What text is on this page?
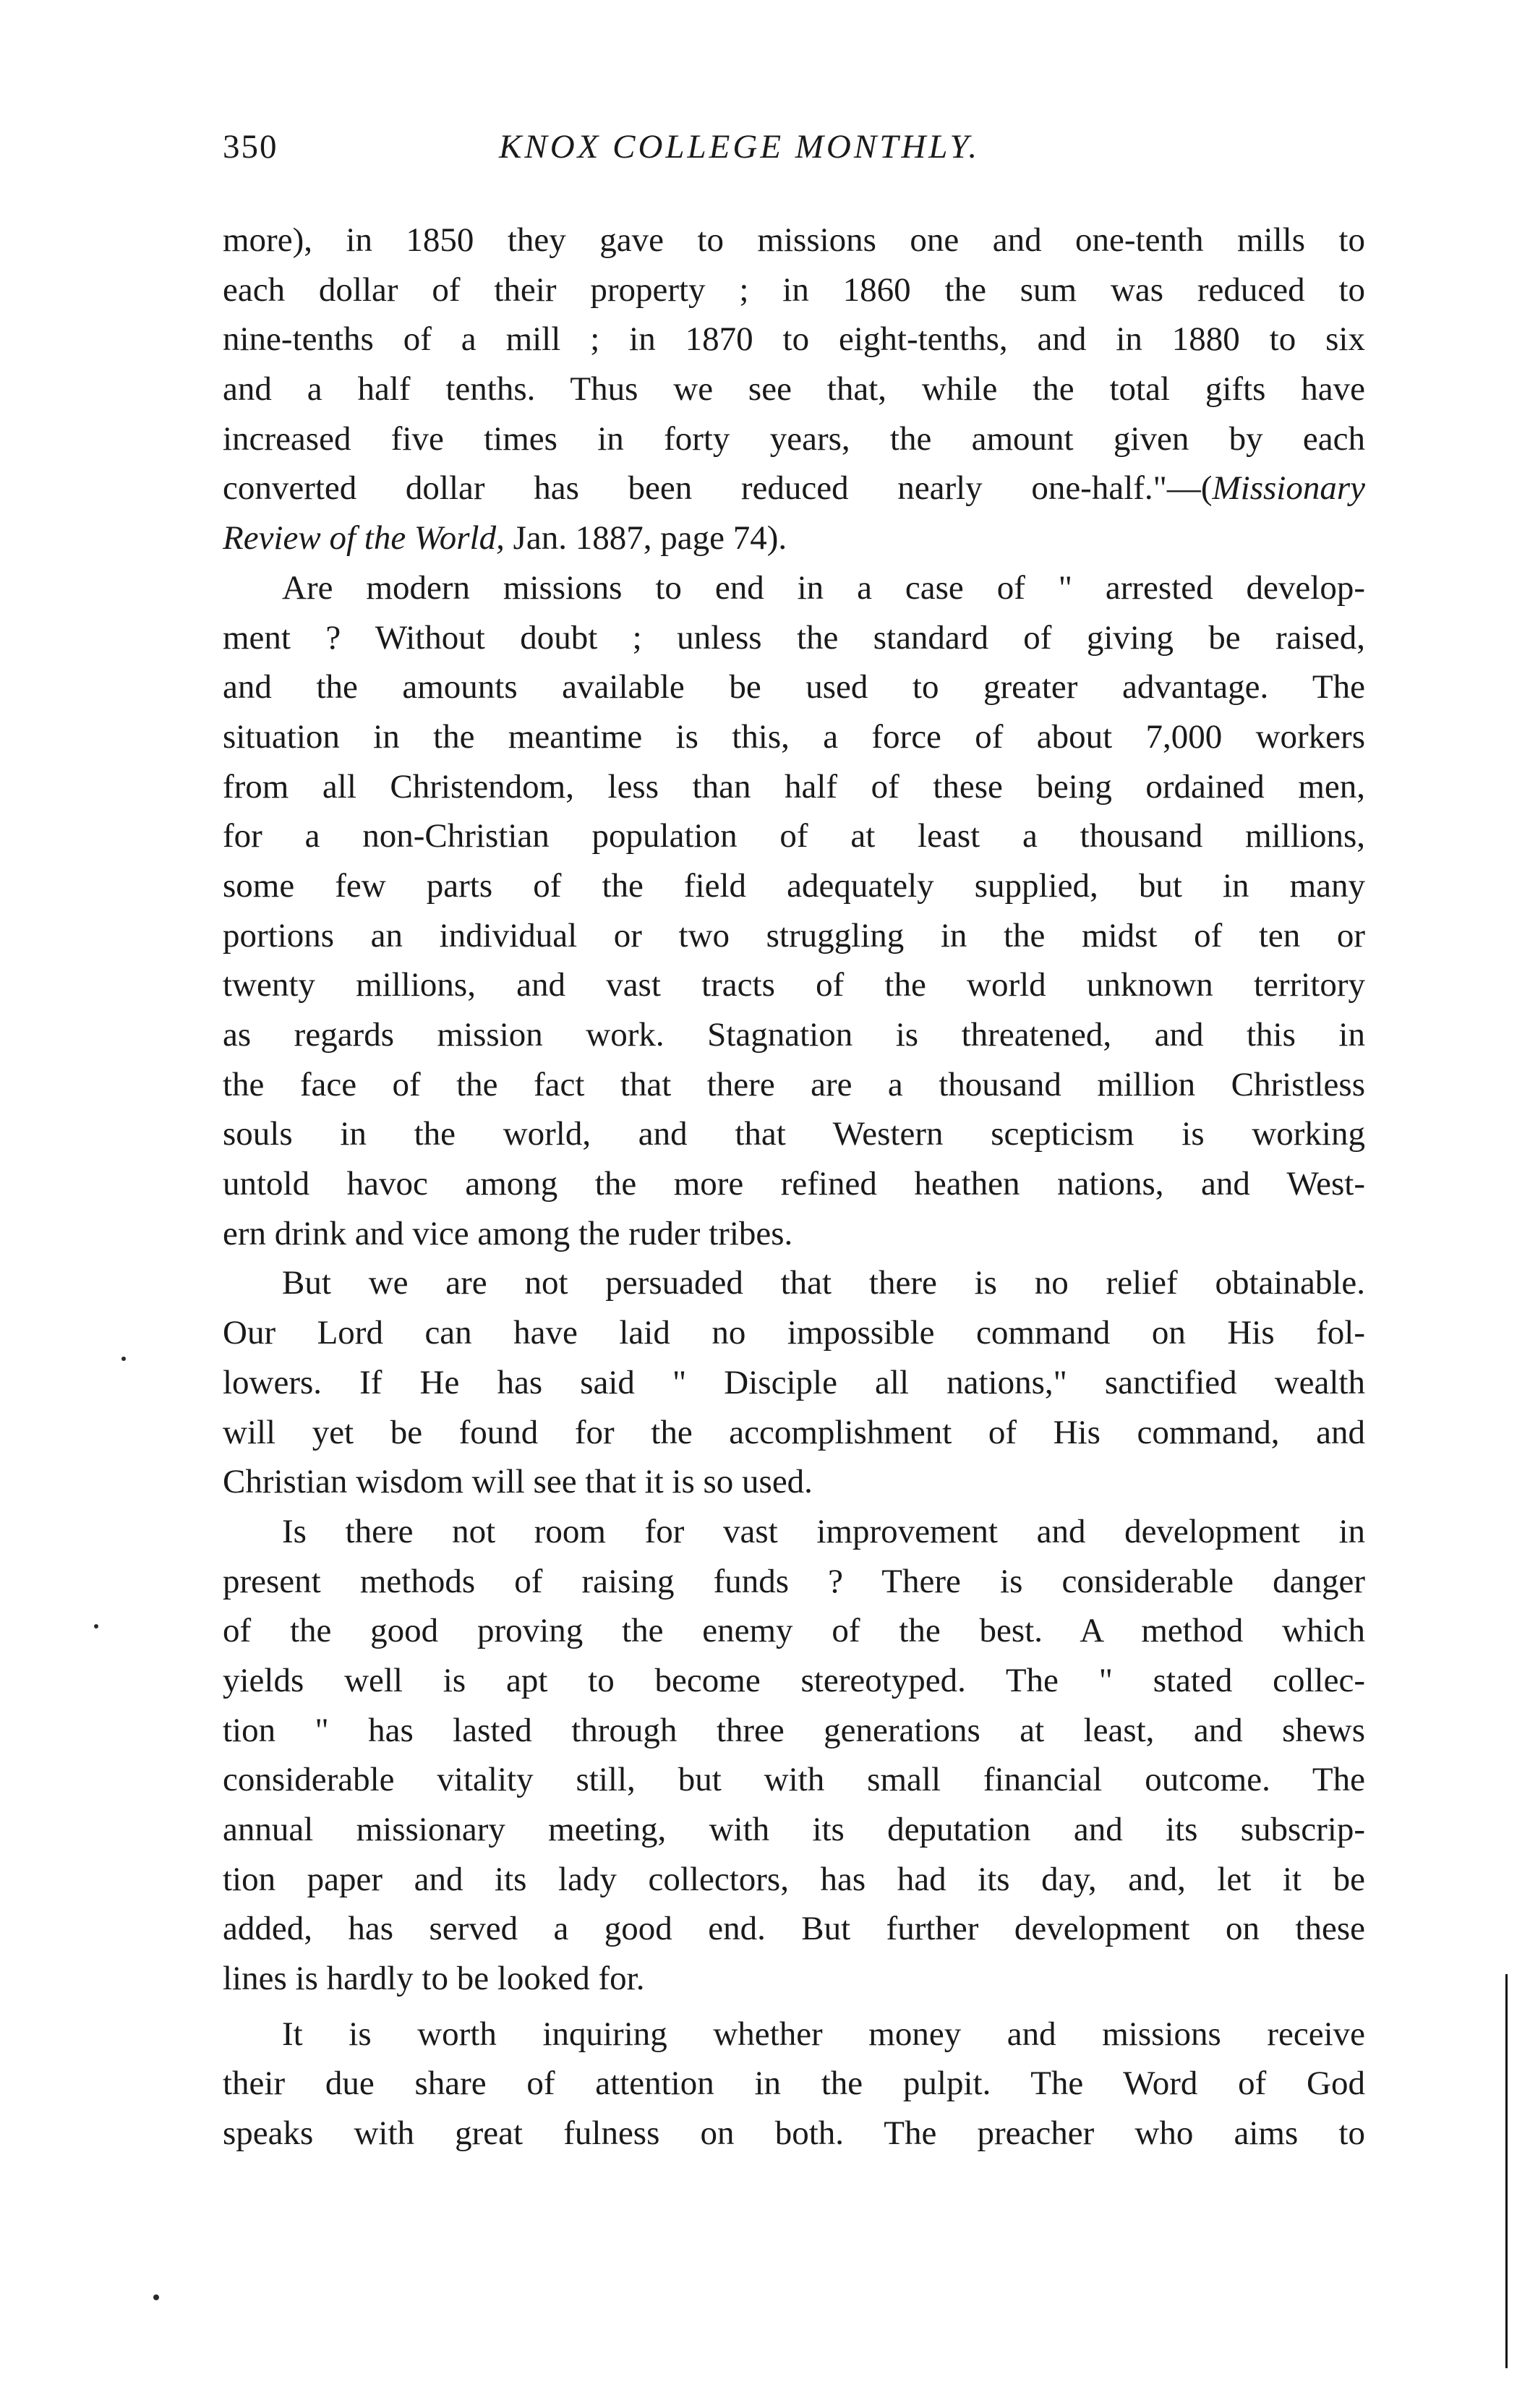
350	KNOX COLLEGE MONTHLY.
more), in 1850 they gave to missions one and one-tenth mills to
each dollar of their property ; in 1860 the sum was reduced to
nine-tenths of a mill ; in 1870 to eight-tenths, and in 1880 to six
and a half tenths. Thus we see that, while the total gifts have
increased five times in forty years, the amount given by each
converted dollar has been reduced nearly one-half."—(Missionary
Review of the World, Jan. 1887, page 74).
Are modern missions to end in a case of " arrested develop-
ment ? Without doubt ; unless the standard of giving be raised,
and the amounts available be used to greater advantage. The
situation in the meantime is this, a force of about 7,000 workers
from all Christendom, less than half of these being ordained men,
for a non-Christian population of at least a thousand millions,
some few parts of the field adequately supplied, but in many
portions an individual or two struggling in the midst of ten or
twenty millions, and vast tracts of the world unknown territory
as regards mission work. Stagnation is threatened, and this in
the face of the fact that there are a thousand million Christless
souls in the world, and that Western scepticism is working
untold havoc among the more refined heathen nations, and West-
ern drink and vice among the ruder tribes.
But we are not persuaded that there is no relief obtainable.
Our Lord can have laid no impossible command on His fol-
lowers. If He has said " Disciple all nations," sanctified wealth
will yet be found for the accomplishment of His command, and
Christian wisdom will see that it is so used.
Is there not room for vast improvement and development in
present methods of raising funds ? There is considerable danger
of the good proving the enemy of the best. A method which
yields well is apt to become stereotyped. The " stated collec-
tion " has lasted through three generations at least, and shews
considerable vitality still, but with small financial outcome. The
annual missionary meeting, with its deputation and its subscrip-
tion paper and its lady collectors, has had its day, and, let it be
added, has served a good end. But further development on these
lines is hardly to be looked for.
It is worth inquiring whether money and missions receive
their due share of attention in the pulpit. The Word of God
speaks with great fulness on both. The preacher who aims to
